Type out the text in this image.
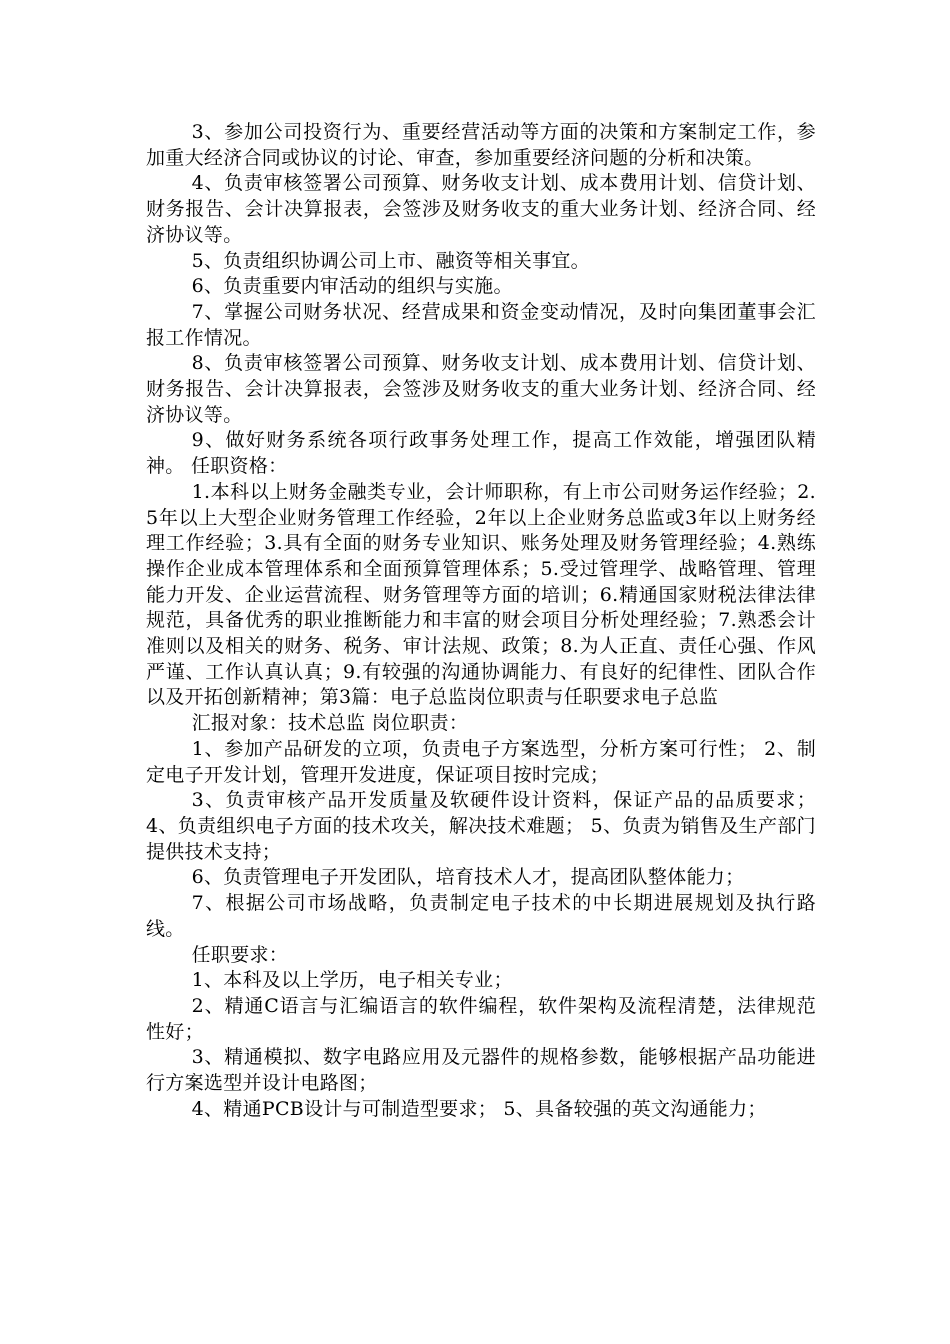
3、参加公司投资行为、重要经营活动等方面的决策和方案制定工作，参加重大经济合同或协议的讨论、审查，参加重要经济问题的分析和决策。

4、负责审核签署公司预算、财务收支计划、成本费用计划、信贷计划、财务报告、会计决算报表，会签涉及财务收支的重大业务计划、经济合同、经济协议等。

5、负责组织协调公司上市、融资等相关事宜。

6、负责重要内审活动的组织与实施。

7、掌握公司财务状况、经营成果和资金变动情况，及时向集团董事会汇报工作情况。

8、负责审核签署公司预算、财务收支计划、成本费用计划、信贷计划、财务报告、会计决算报表，会签涉及财务收支的重大业务计划、经济合同、经济协议等。

9、做好财务系统各项行政事务处理工作，提高工作效能，增强团队精神。 任职资格：

1.本科以上财务金融类专业，会计师职称，有上市公司财务运作经验；2.5年以上大型企业财务管理工作经验，2年以上企业财务总监或3年以上财务经理工作经验；3.具有全面的财务专业知识、账务处理及财务管理经验；4.熟练操作企业成本管理体系和全面预算管理体系；5.受过管理学、战略管理、管理能力开发、企业运营流程、财务管理等方面的培训；6.精通国家财税法律法律规范，具备优秀的职业推断能力和丰富的财会项目分析处理经验；7.熟悉会计准则以及相关的财务、税务、审计法规、政策；8.为人正直、责任心强、作风严谨、工作认真认真；9.有较强的沟通协调能力、有良好的纪律性、团队合作以及开拓创新精神；第3篇：电子总监岗位职责与任职要求电子总监

汇报对象：技术总监 岗位职责：

1、参加产品研发的立项，负责电子方案选型，分析方案可行性； 2、制定电子开发计划，管理开发进度，保证项目按时完成；

3、负责审核产品开发质量及软硬件设计资料，保证产品的品质要求； 4、负责组织电子方面的技术攻关，解决技术难题； 5、负责为销售及生产部门提供技术支持；

6、负责管理电子开发团队，培育技术人才，提高团队整体能力；

7、根据公司市场战略，负责制定电子技术的中长期进展规划及执行路线。

任职要求：

1、本科及以上学历，电子相关专业；

2、精通C语言与汇编语言的软件编程，软件架构及流程清楚，法律规范性好；

3、精通模拟、数字电路应用及元器件的规格参数，能够根据产品功能进行方案选型并设计电路图；

4、精通PCB设计与可制造型要求； 5、具备较强的英文沟通能力；
